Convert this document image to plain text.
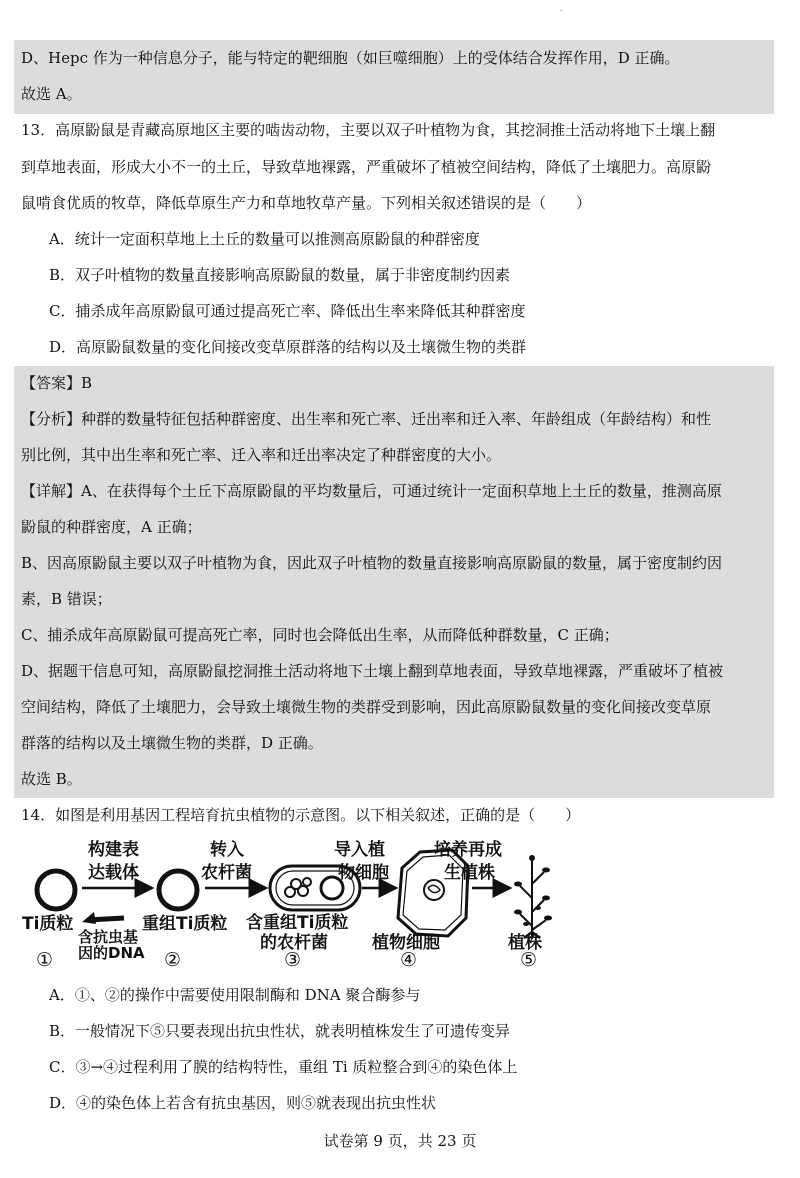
.
D、Hepc 作为一种信息分子，能与特定的靶细胞（如巨噬细胞）上的受体结合发挥作用，D 正确。
故选 A。
13．高原鼢鼠是青藏高原地区主要的啮齿动物，主要以双子叶植物为食，其挖洞推土活动将地下土壤上翻
到草地表面，形成大小不一的土丘，导致草地裸露，严重破坏了植被空间结构，降低了土壤肥力。高原鼢
鼠啃食优质的牧草，降低草原生产力和草地牧草产量。下列相关叙述错误的是（　　）
A．统计一定面积草地上土丘的数量可以推测高原鼢鼠的种群密度
B．双子叶植物的数量直接影响高原鼢鼠的数量，属于非密度制约因素
C．捕杀成年高原鼢鼠可通过提高死亡率、降低出生率来降低其种群密度
D．高原鼢鼠数量的变化间接改变草原群落的结构以及土壤微生物的类群
【答案】B
【分析】种群的数量特征包括种群密度、出生率和死亡率、迁出率和迁入率、年龄组成（年龄结构）和性
别比例，其中出生率和死亡率、迁入率和迁出率决定了种群密度的大小。
【详解】A、在获得每个土丘下高原鼢鼠的平均数量后，可通过统计一定面积草地上土丘的数量，推测高原
鼢鼠的种群密度，A 正确；
B、因高原鼢鼠主要以双子叶植物为食，因此双子叶植物的数量直接影响高原鼢鼠的数量，属于密度制约因
素，B 错误；
C、捕杀成年高原鼢鼠可提高死亡率，同时也会降低出生率，从而降低种群数量，C 正确；
D、据题干信息可知，高原鼢鼠挖洞推土活动将地下土壤上翻到草地表面，导致草地裸露，严重破坏了植被
空间结构，降低了土壤肥力，会导致土壤微生物的类群受到影响，因此高原鼢鼠数量的变化间接改变草原
群落的结构以及土壤微生物的类群，D 正确。
故选 B。
14．如图是利用基因工程培育抗虫植物的示意图。以下相关叙述，正确的是（　　）
构建表
达载体
转入
农杆菌
导入植
物细胞
培养再成
生植株
Ti质粒
含抗虫基
因的DNA
重组Ti质粒 含重组Ti质粒
的农杆菌	植物细胞	植株
①	②	③	④	⑤
A．①、②的操作中需要使用限制酶和 DNA 聚合酶参与
B．一般情况下⑤只要表现出抗虫性状，就表明植株发生了可遗传变异
C．③→④过程利用了膜的结构特性，重组 Ti 质粒整合到④的染色体上
D．④的染色体上若含有抗虫基因，则⑤就表现出抗虫性状
试卷第 9 页，共 23 页
